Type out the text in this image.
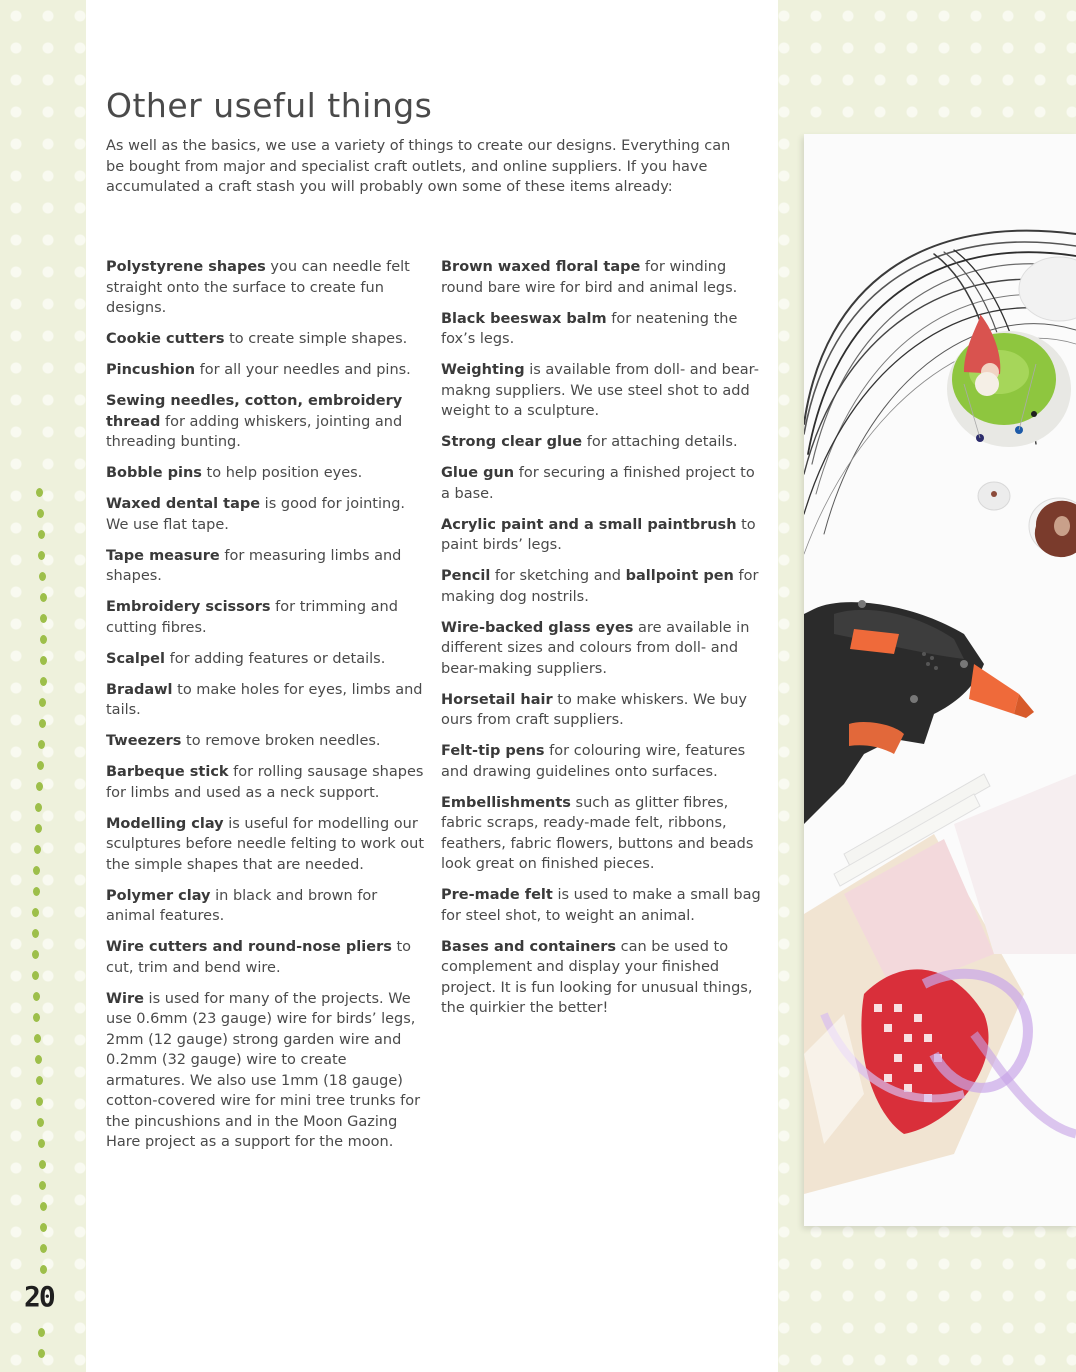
20
Other useful things

As well as the basics, we use a variety of things to create our designs. Everything can be bought from major and specialist craft outlets, and online suppliers. If you have accumulated a craft stash you will probably own some of these items already:

Polystyrene shapes you can needle felt straight onto the surface to create fun designs.

Cookie cutters to create simple shapes.

Pincushion for all your needles and pins.

Sewing needles, cotton, embroidery thread for adding whiskers, jointing and threading bunting.

Bobble pins to help position eyes.

Waxed dental tape is good for jointing. We use flat tape.

Tape measure for measuring limbs and shapes.

Embroidery scissors for trimming and cutting fibres.

Scalpel for adding features or details.

Bradawl to make holes for eyes, limbs and tails.

Tweezers to remove broken needles.

Barbeque stick for rolling sausage shapes for limbs and used as a neck support.

Modelling clay is useful for modelling our sculptures before needle felting to work out the simple shapes that are needed.

Polymer clay in black and brown for animal features.

Wire cutters and round-nose pliers to cut, trim and bend wire.

Wire is used for many of the projects. We use 0.6mm (23 gauge) wire for birds’ legs, 2mm (12 gauge) strong garden wire and 0.2mm (32 gauge) wire to create armatures. We also use 1mm (18 gauge) cotton-covered wire for mini tree trunks for the pincushions and in the Moon Gazing Hare project as a support for the moon.

Brown waxed floral tape for winding round bare wire for bird and animal legs.

Black beeswax balm for neatening the fox’s legs.

Weighting is available from doll- and bear-makng suppliers. We use steel shot to add weight to a sculpture.

Strong clear glue for attaching details.

Glue gun for securing a finished project to a base.

Acrylic paint and a small paintbrush to paint birds’ legs.

Pencil for sketching and ballpoint pen for making dog nostrils.

Wire-backed glass eyes are available in different sizes and colours from doll- and bear-making suppliers.

Horsetail hair to make whiskers. We buy ours from craft suppliers.

Felt-tip pens for colouring wire, features and drawing guidelines onto surfaces.

Embellishments such as glitter fibres, fabric scraps, ready-made felt, ribbons, feathers, fabric flowers, buttons and beads look great on finished pieces.

Pre-made felt is used to make a small bag for steel shot, to weight an animal.

Bases and containers can be used to complement and display your finished project. It is fun looking for unusual things, the quirkier the better!
